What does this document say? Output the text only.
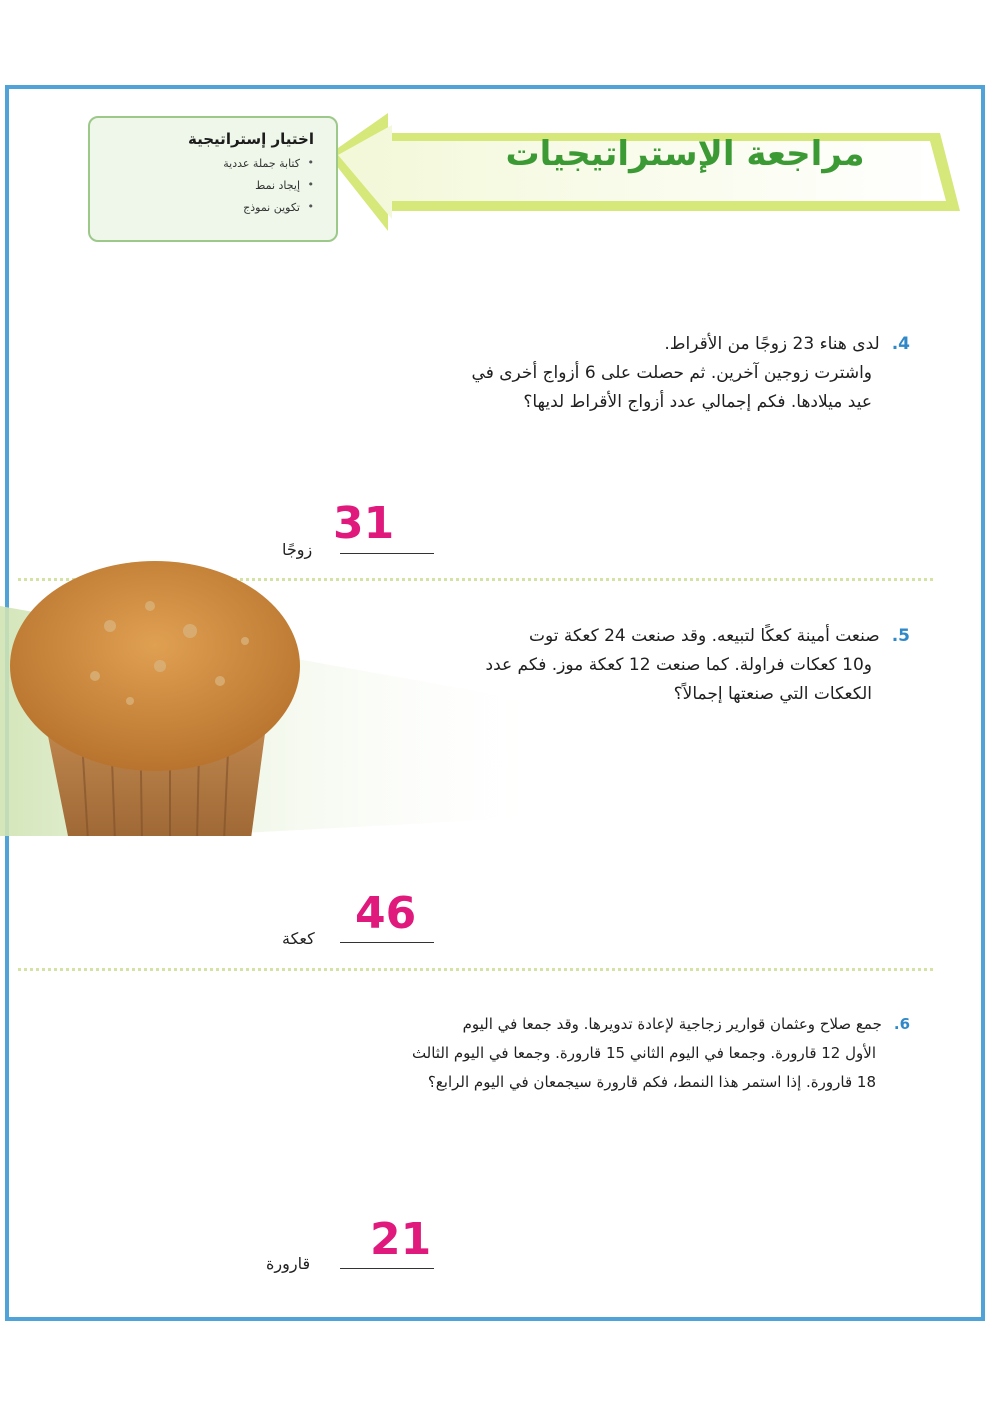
مراجعة الإستراتيجيات
اختيار إستراتيجية
• كتابة جملة عددية
• إيجاد نمط
• تكوين نموذج
4.لدى هناء 23 زوجًا من الأقراط.
واشترت زوجين آخرين. ثم حصلت على 6 أزواج أخرى في
عيد ميلادها. فكم إجمالي عدد أزواج الأقراط لديها؟
31
زوجًا
5.صنعت أمينة كعكًا لتبيعه. وقد صنعت 24 كعكة توت
و10 كعكات فراولة. كما صنعت 12 كعكة موز. فكم عدد
الكعكات التي صنعتها إجمالاً؟
46
كعكة
6.جمع صلاح وعثمان قوارير زجاجية لإعادة تدويرها. وقد جمعا في اليوم
الأول 12 قارورة. وجمعا في اليوم الثاني 15 قارورة. وجمعا في اليوم الثالث
18 قارورة. إذا استمر هذا النمط، فكم قارورة سيجمعان في اليوم الرابع؟
21
قارورة
